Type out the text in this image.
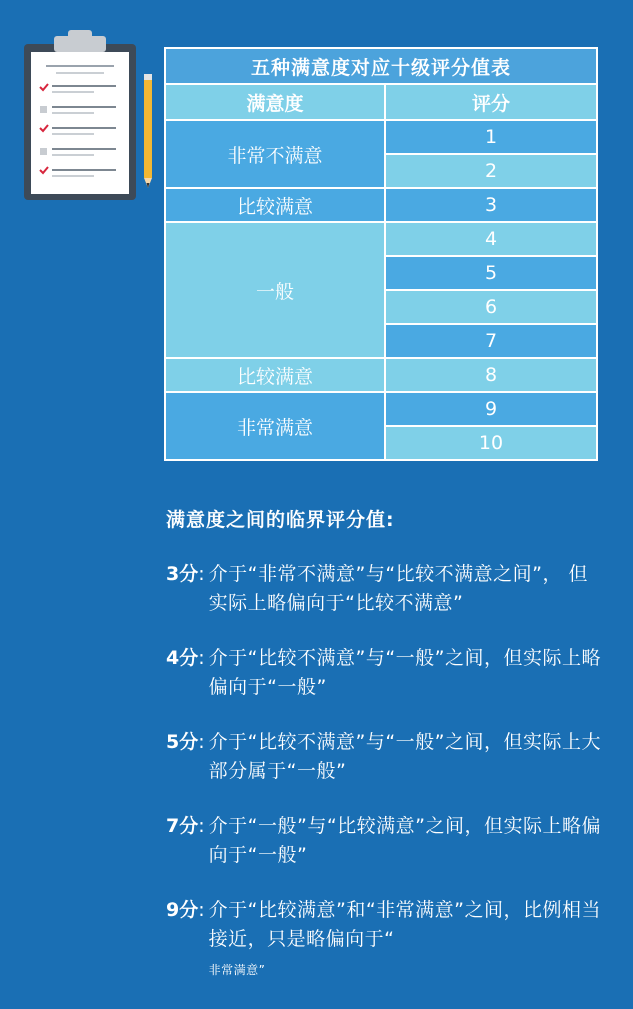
五种满意度对应十级评分值表	
满意度	评分
非常不满意	1
	2
比较满意	3
一般	4
	5
	6
	7
比较满意	8
非常满意	9
	10
满意度之间的临界评分值:
3分 : 介于“非常不满意”与“比较不满意之间”， 但实际上略偏向于“比较不满意”
4分 : 介于“比较不满意”与“一般”之间，但实际上略偏向于“一般”
5分 : 介于“比较不满意”与“一般”之间，但实际上大部分属于“一般”
7分 : 介于“一般”与“比较满意”之间，但实际上略偏向于“一般”
9分 : 介于“比较满意”和“非常满意”之间，比例相当接近，只是略偏向于“
非常满意”
